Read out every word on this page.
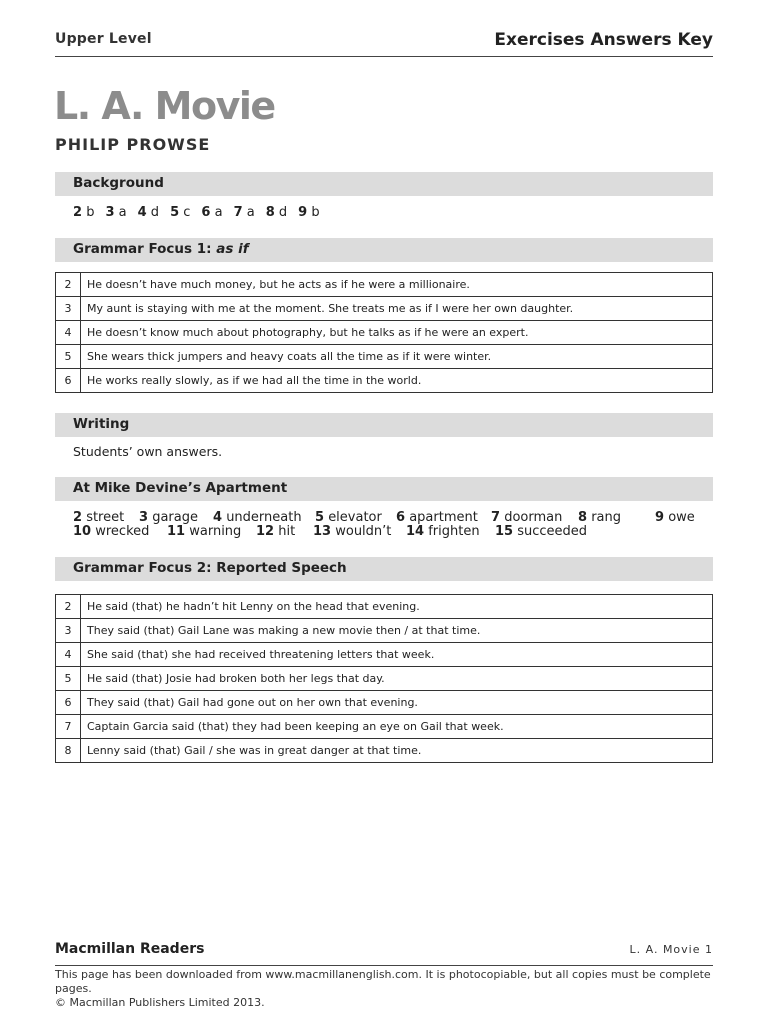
Upper Level	Exercises Answers Key
L. A. Movie
PHILIP PROWSE
Background
2 b 3 a 4 d 5 c 6 a 7 a 8 d 9 b
Grammar Focus 1: as if
2	He doesn’t have much money, but he acts as if he were a millionaire.
3	My aunt is staying with me at the moment. She treats me as if I were her own daughter.
4	He doesn’t know much about photography, but he talks as if he were an expert.
5	She wears thick jumpers and heavy coats all the time as if it were winter.
6	He works really slowly, as if we had all the time in the world.
Writing
Students’ own answers.
At Mike Devine’s Apartment
2 street 3 garage 4 underneath 5 elevator 6 apartment 7 doorman 8 rang	9 owe
10 wrecked 11 warning 12 hit 13 wouldn’t 14 frighten 15 succeeded
Grammar Focus 2: Reported Speech
2	He said (that) he hadn’t hit Lenny on the head that evening.
3	They said (that) Gail Lane was making a new movie then / at that time.
4	She said (that) she had received threatening letters that week.
5	He said (that) Josie had broken both her legs that day.
6	They said (that) Gail had gone out on her own that evening.
7	Captain Garcia said (that) they had been keeping an eye on Gail that week.
8	Lenny said (that) Gail / she was in great danger at that time.
Macmillan Readers	L. A. Movie 1
This page has been downloaded from www.macmillanenglish.com. It is photocopiable, but all copies must be complete pages.
© Macmillan Publishers Limited 2013.
